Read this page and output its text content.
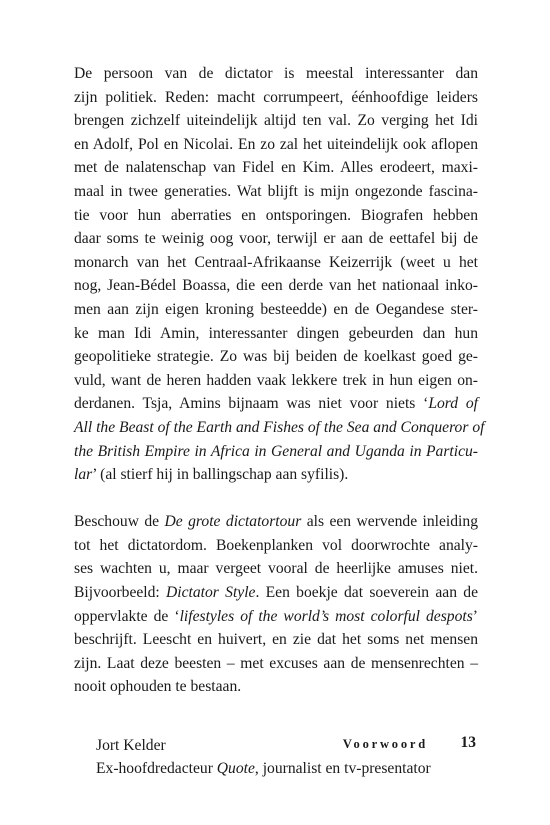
De persoon van de dictator is meestal interessanter dan
zijn politiek. Reden: macht corrumpeert, éénhoofdige leiders
brengen zichzelf uiteindelijk altijd ten val. Zo verging het Idi
en Adolf, Pol en Nicolai. En zo zal het uiteindelijk ook aflopen
met de nalatenschap van Fidel en Kim. Alles erodeert, maxi-
maal in twee generaties. Wat blijft is mijn ongezonde fascina-
tie voor hun aberraties en ontsporingen. Biografen hebben
daar soms te weinig oog voor, terwijl er aan de eettafel bij de
monarch van het Centraal-Afrikaanse Keizerrijk (weet u het
nog, Jean-Bédel Boassa, die een derde van het nationaal inko-
men aan zijn eigen kroning besteedde) en de Oegandese ster-
ke man Idi Amin, interessanter dingen gebeurden dan hun
geopolitieke strategie. Zo was bij beiden de koelkast goed ge-
vuld, want de heren hadden vaak lekkere trek in hun eigen on-
derdanen. Tsja, Amins bijnaam was niet voor niets ‘Lord of
All the Beast of the Earth and Fishes of the Sea and Conqueror of
the British Empire in Africa in General and Uganda in Particu-
lar’ (al stierf hij in ballingschap aan syfilis).
Beschouw de De grote dictatortour als een wervende inleiding
tot het dictatordom. Boekenplanken vol doorwrochte analy-
ses wachten u, maar vergeet vooral de heerlijke amuses niet.
Bijvoorbeeld: Dictator Style. Een boekje dat soeverein aan de
oppervlakte de ‘lifestyles of the world’s most colorful despots’
beschrijft. Leescht en huivert, en zie dat het soms net mensen
zijn. Laat deze beesten – met excuses aan de mensenrechten –
nooit ophouden te bestaan.
Jort Kelder
Ex-hoofdredacteur Quote, journalist en tv-presentator
Voorwoord 13
